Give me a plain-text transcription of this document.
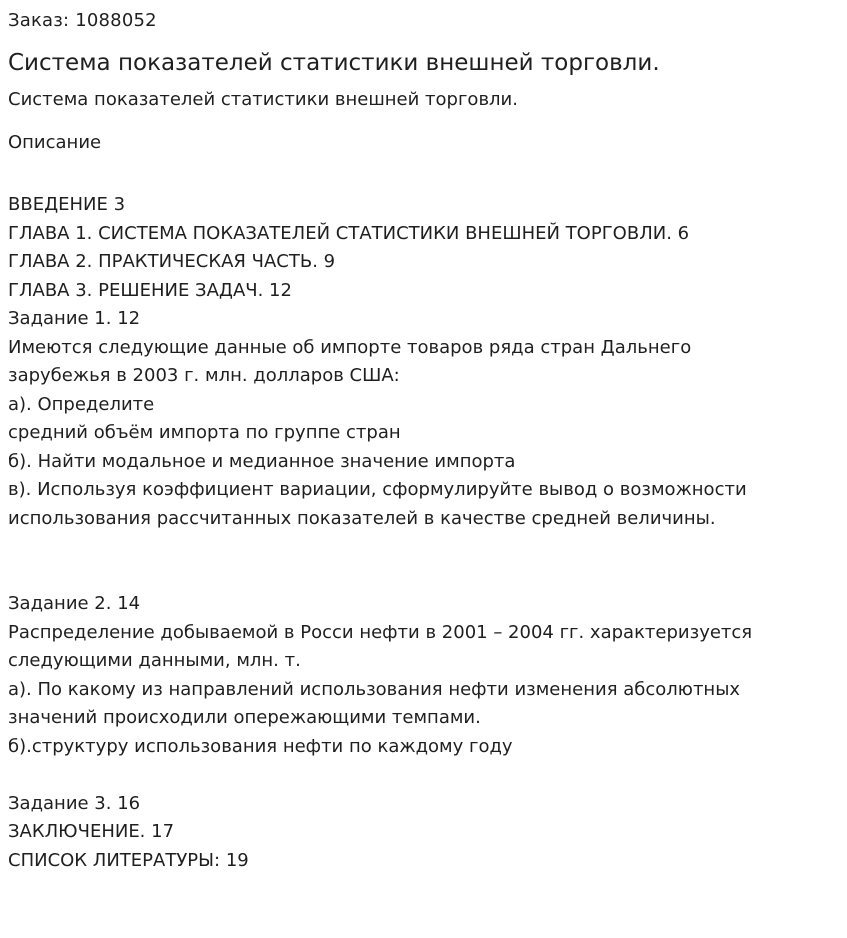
Заказ: 1088052
Система показателей статистики внешней торговли.
Система показателей статистики внешней торговли.
Описание
ВВЕДЕНИЕ 3
ГЛАВА 1. СИСТЕМА ПОКАЗАТЕЛЕЙ СТАТИСТИКИ ВНЕШНЕЙ ТОРГОВЛИ. 6
ГЛАВА 2. ПРАКТИЧЕСКАЯ ЧАСТЬ. 9
ГЛАВА 3. РЕШЕНИЕ ЗАДАЧ. 12
Задание 1. 12
Имеются следующие данные об импорте товаров ряда стран Дальнего
зарубежья в 2003 г. млн. долларов США:
а). Определите
средний объём импорта по группе стран
б). Найти модальное и медианное значение импорта
в). Используя коэффициент вариации, сформулируйте вывод о возможности
использования рассчитанных показателей в качестве средней величины.
Задание 2. 14
Распределение добываемой в Росси нефти в 2001 – 2004 гг. характеризуется
следующими данными, млн. т.
а). По какому из направлений использования нефти изменения абсолютных
значений происходили опережающими темпами.
б).структуру использования нефти по каждому году
Задание 3. 16
ЗАКЛЮЧЕНИЕ. 17
СПИСОК ЛИТЕРАТУРЫ: 19
